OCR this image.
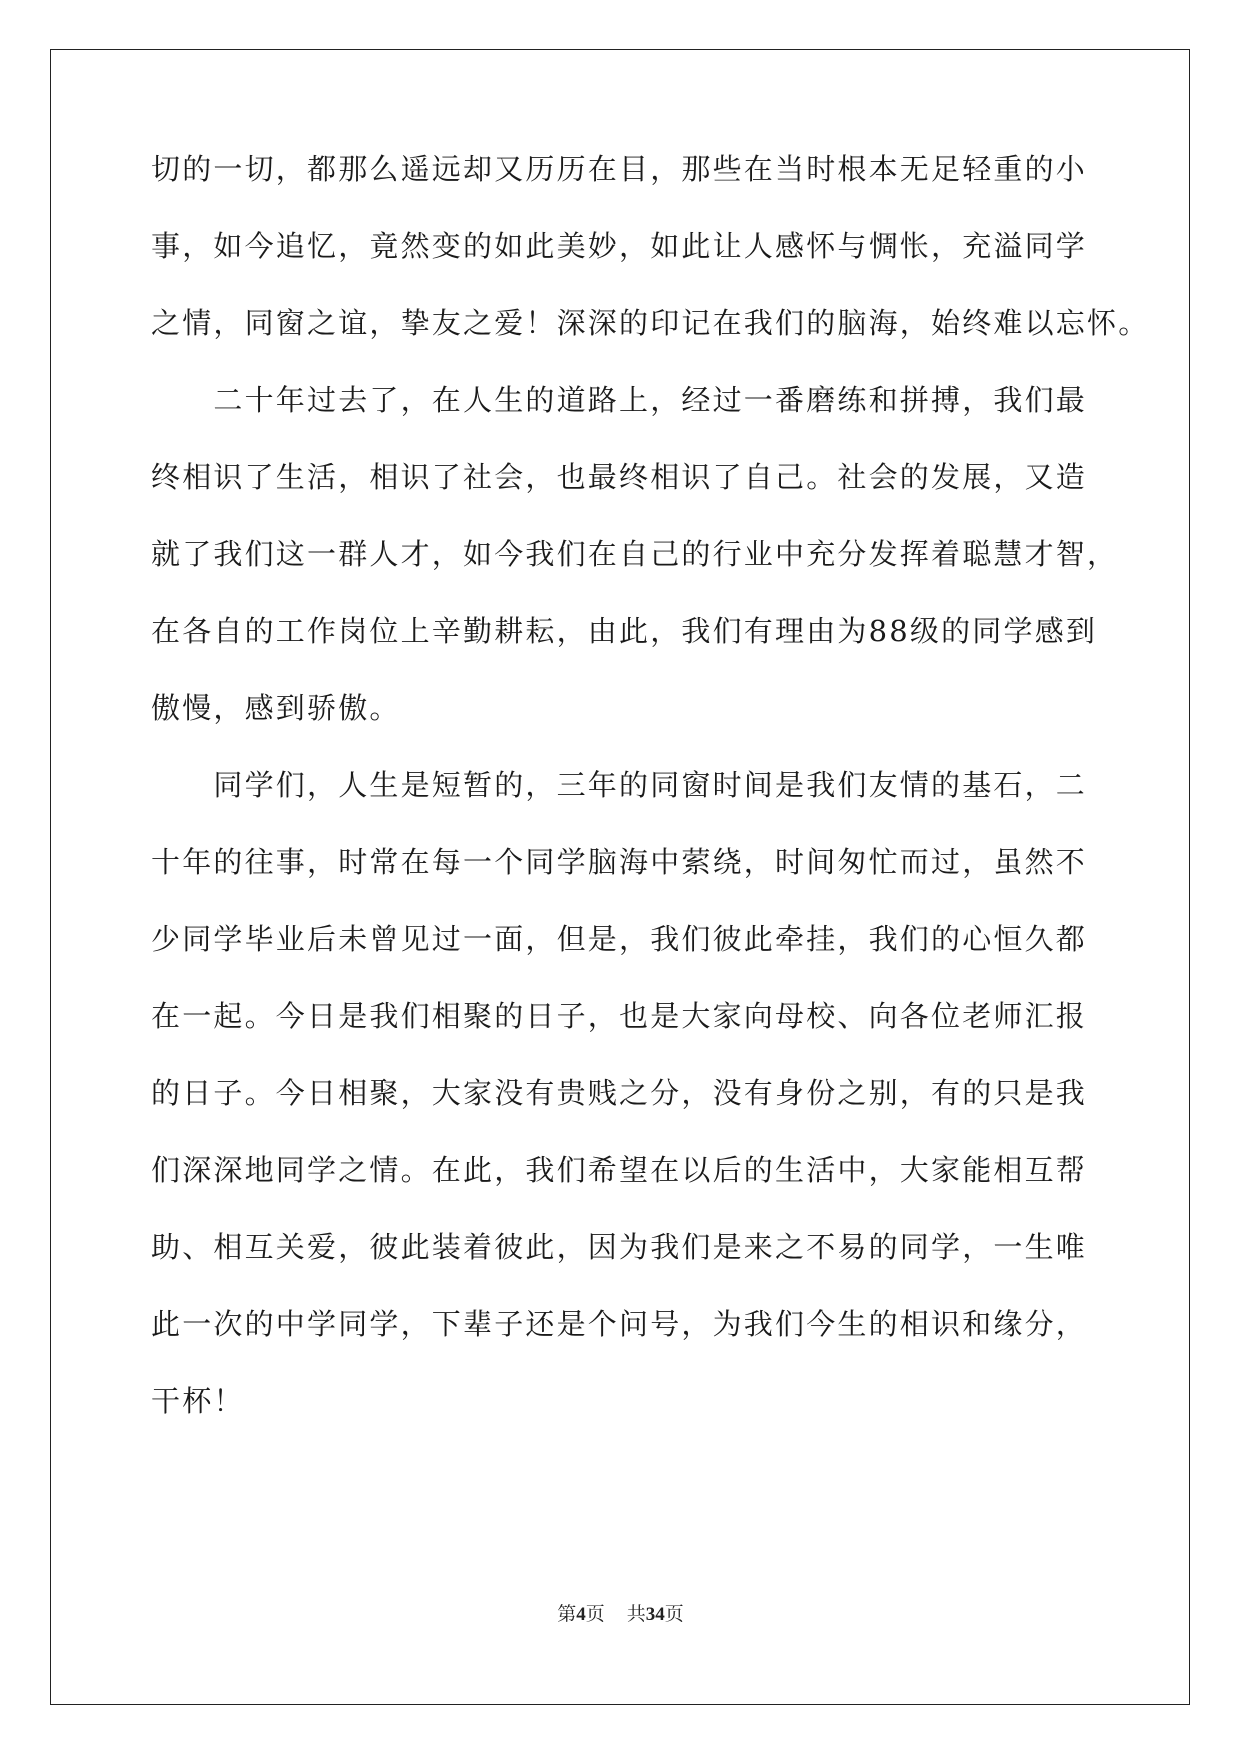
切的一切，都那么遥远却又历历在目，那些在当时根本无足轻重的小
事，如今追忆，竟然变的如此美妙，如此让人感怀与惆怅，充溢同学
之情，同窗之谊，挚友之爱！深深的印记在我们的脑海，始终难以忘怀。
　　二十年过去了，在人生的道路上，经过一番磨练和拼搏，我们最
终相识了生活，相识了社会，也最终相识了自己。社会的发展，又造
就了我们这一群人才，如今我们在自己的行业中充分发挥着聪慧才智，
在各自的工作岗位上辛勤耕耘，由此，我们有理由为88级的同学感到
傲慢，感到骄傲。
　　同学们，人生是短暂的，三年的同窗时间是我们友情的基石，二
十年的往事，时常在每一个同学脑海中萦绕，时间匆忙而过，虽然不
少同学毕业后未曾见过一面，但是，我们彼此牵挂，我们的心恒久都
在一起。今日是我们相聚的日子，也是大家向母校、向各位老师汇报
的日子。今日相聚，大家没有贵贱之分，没有身份之别，有的只是我
们深深地同学之情。在此，我们希望在以后的生活中，大家能相互帮
助、相互关爱，彼此装着彼此，因为我们是来之不易的同学，一生唯
此一次的中学同学，下辈子还是个问号，为我们今生的相识和缘分，
干杯！
第4页 共34页
